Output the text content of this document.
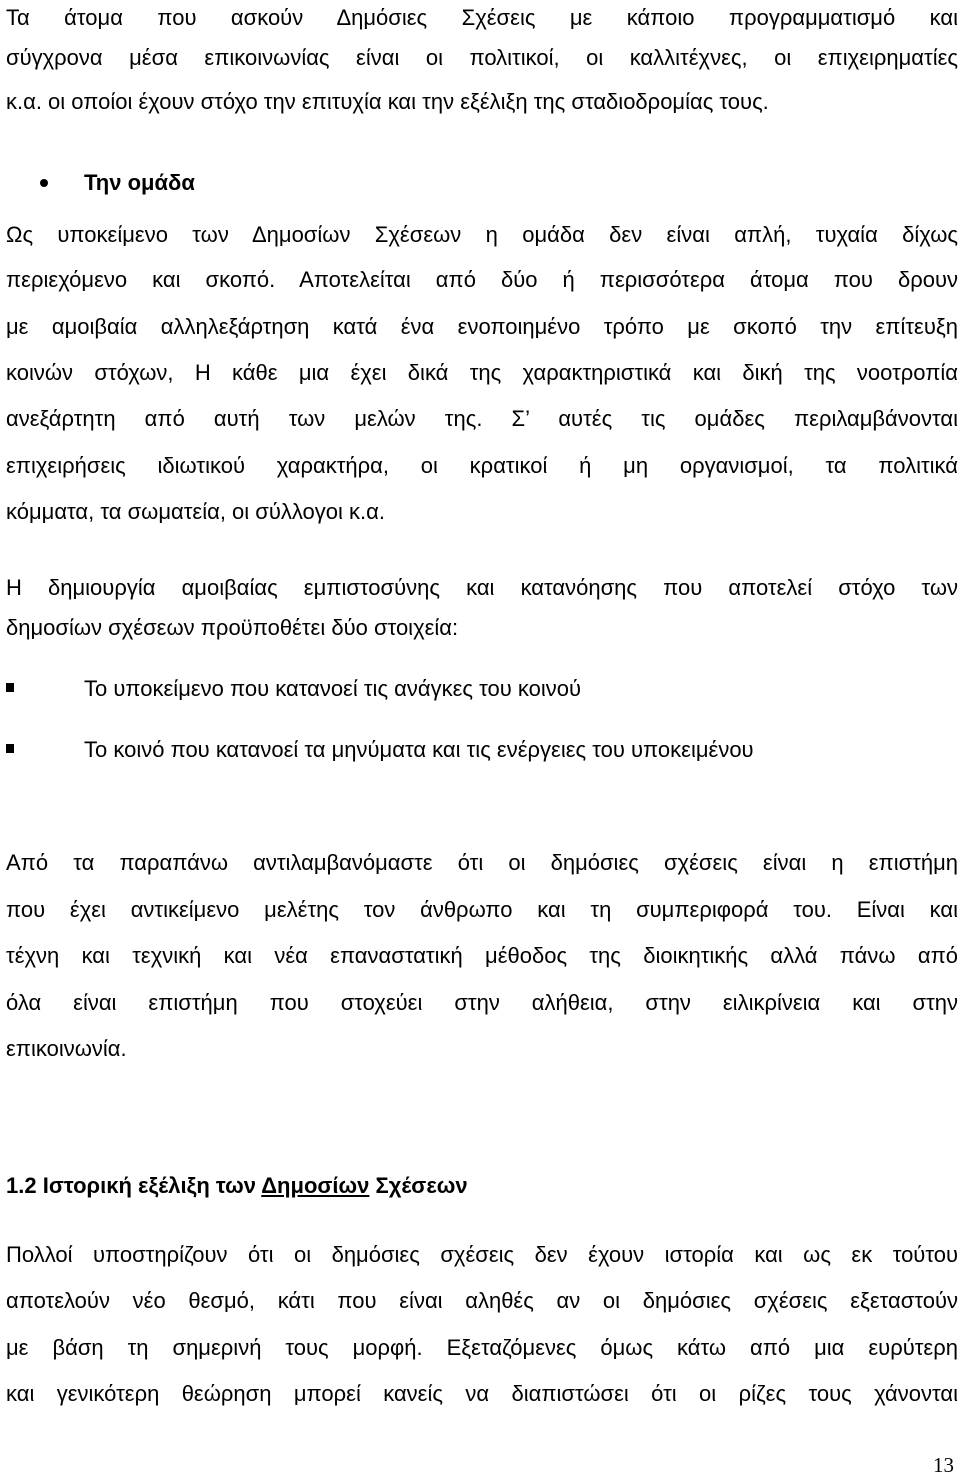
Τα άτομα που ασκούν Δημόσιες Σχέσεις με κάποιο προγραμματισμό και
σύγχρονα μέσα επικοινωνίας είναι οι πολιτικοί, οι καλλιτέχνες, οι επιχειρηματίες
κ.α. οι οποίοι έχουν στόχο την επιτυχία και την εξέλιξη της σταδιοδρομίας τους.
Την ομάδα
Ως υποκείμενο των Δημοσίων Σχέσεων η ομάδα δεν είναι απλή, τυχαία δίχως
περιεχόμενο και σκοπό. Αποτελείται από δύο ή περισσότερα άτομα που δρουν
με αμοιβαία αλληλεξάρτηση κατά ένα ενοποιημένο τρόπο με σκοπό την επίτευξη
κοινών στόχων, Η κάθε μια έχει δικά της χαρακτηριστικά και δική της νοοτροπία
ανεξάρτητη από αυτή των μελών της. Σ’ αυτές τις ομάδες περιλαμβάνονται
επιχειρήσεις ιδιωτικού χαρακτήρα, οι κρατικοί ή μη οργανισμοί, τα πολιτικά
κόμματα, τα σωματεία, οι σύλλογοι κ.α.
Η δημιουργία αμοιβαίας εμπιστοσύνης και κατανόησης που αποτελεί στόχο των
δημοσίων σχέσεων προϋποθέτει δύο στοιχεία:
Το υποκείμενο που κατανοεί τις ανάγκες του κοινού
Το κοινό που κατανοεί τα μηνύματα και τις ενέργειες του υποκειμένου
Από τα παραπάνω αντιλαμβανόμαστε ότι οι δημόσιες σχέσεις είναι η επιστήμη
που έχει αντικείμενο μελέτης τον άνθρωπο και τη συμπεριφορά του. Είναι και
τέχνη και τεχνική και νέα επαναστατική μέθοδος της διοικητικής αλλά πάνω από
όλα είναι επιστήμη που στοχεύει στην αλήθεια, στην ειλικρίνεια και στην
επικοινωνία.
1.2 Ιστορική εξέλιξη των Δημοσίων Σχέσεων
Πολλοί υποστηρίζουν ότι οι δημόσιες σχέσεις δεν έχουν ιστορία και ως εκ τούτου
αποτελούν νέο θεσμό, κάτι που είναι αληθές αν οι δημόσιες σχέσεις εξεταστούν
με βάση τη σημερινή τους μορφή. Εξεταζόμενες όμως κάτω από μια ευρύτερη
και γενικότερη θεώρηση μπορεί κανείς να διαπιστώσει ότι οι ρίζες τους χάνονται
13
